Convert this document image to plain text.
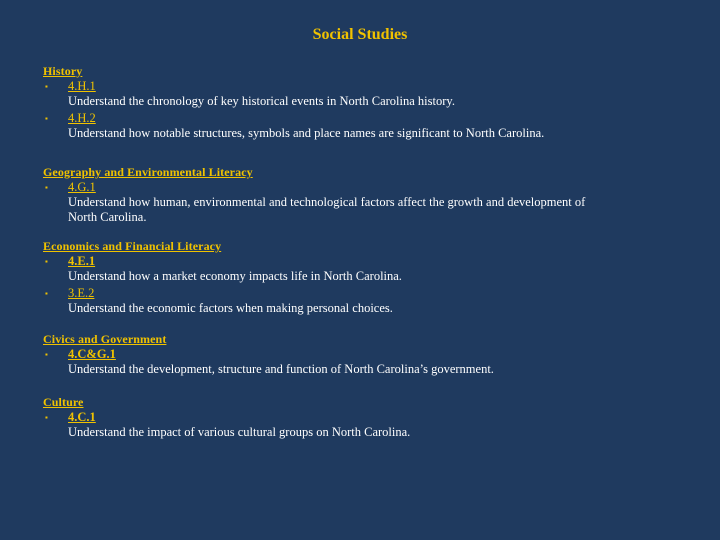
Social Studies
History
▪ 4.H.1
Understand the chronology of key historical events in North Carolina history.
▪ 4.H.2
Understand how notable structures, symbols and place names are significant to North Carolina.
Geography and Environmental Literacy
▪ 4.G.1
Understand how human, environmental and technological factors affect the growth and development of North Carolina.
Economics and Financial Literacy
▪ 4.E.1
Understand how a market economy impacts life in North Carolina.
▪ 3.E.2
Understand the economic factors when making personal choices.
Civics and Government
▪ 4.C&G.1
Understand the development, structure and function of North Carolina’s government.
Culture
▪ 4.C.1
Understand the impact of various cultural groups on North Carolina.
